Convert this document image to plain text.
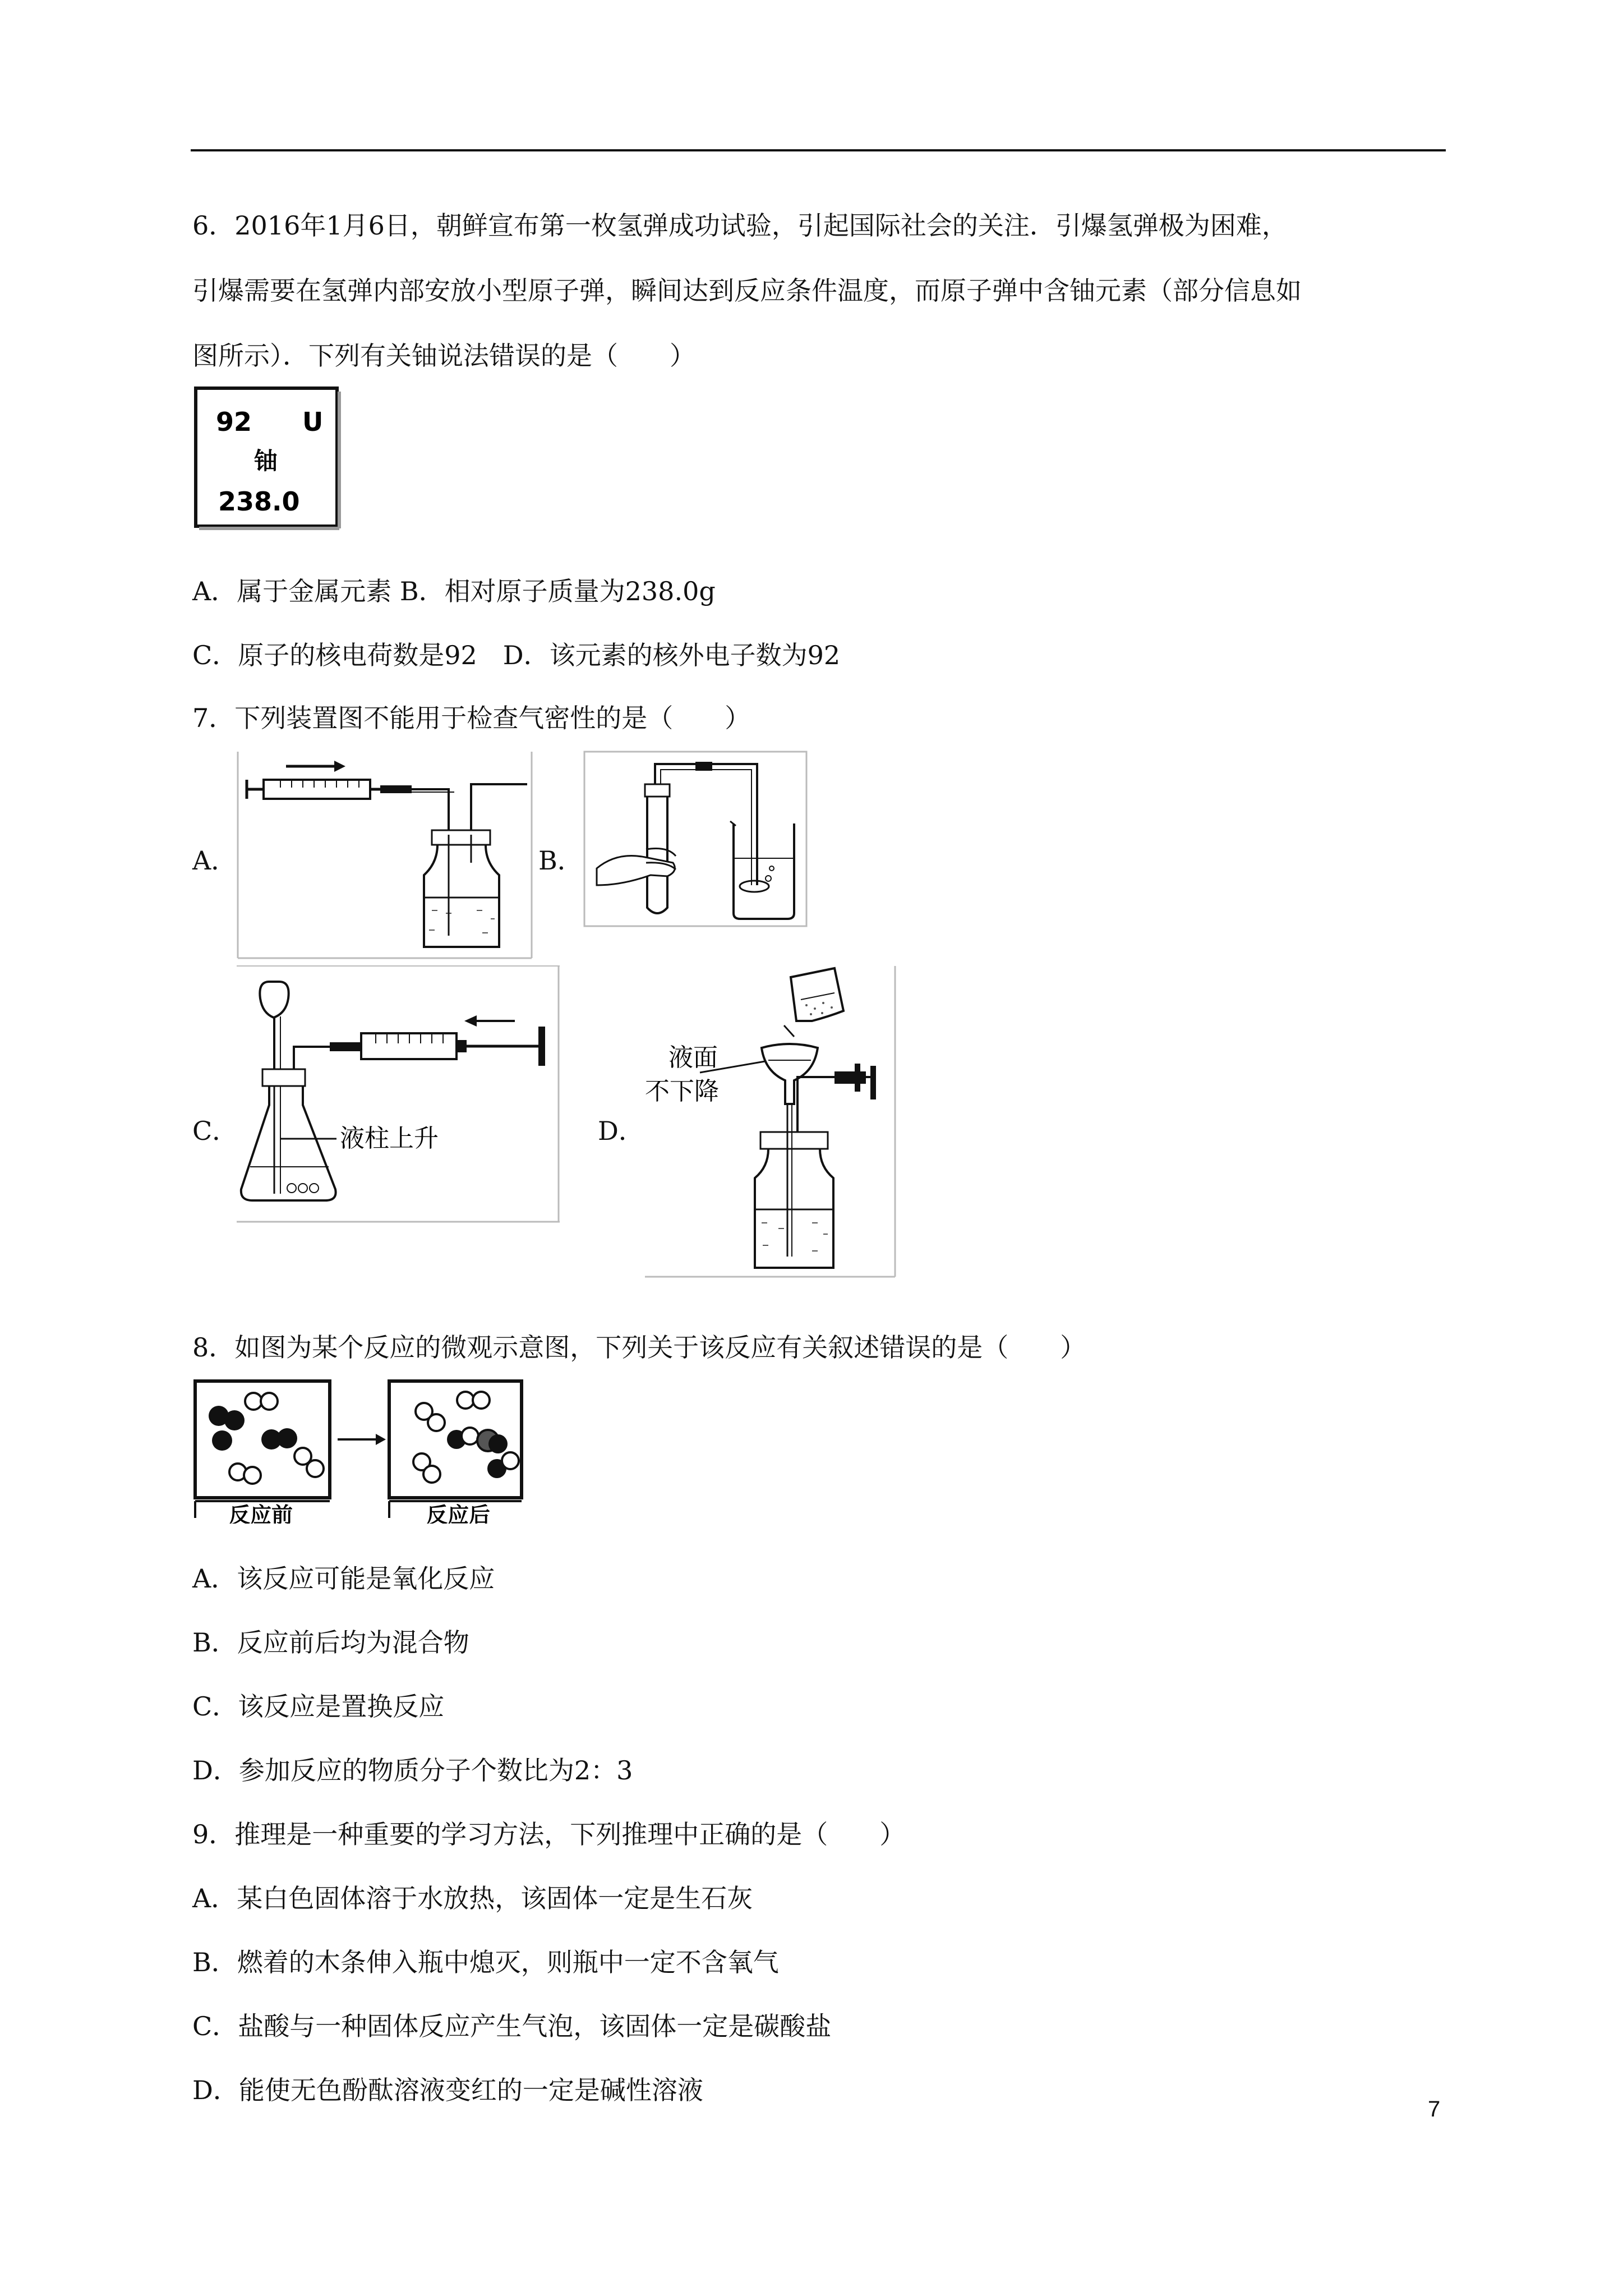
6．2016年1月6日，朝鲜宣布第一枚氢弹成功试验，引起国际社会的关注．引爆氢弹极为困难，
引爆需要在氢弹内部安放小型原子弹，瞬间达到反应条件温度，而原子弹中含铀元素（部分信息如
图所示）．下列有关铀说法错误的是（　　）
92 U
铀
238.0
A．属于金属元素 B．相对原子质量为238.0g
C．原子的核电荷数是92　D．该元素的核外电子数为92
7．下列装置图不能用于检查气密性的是（　　）
A．	B．
C．	液柱上升	D．
液面
不下降
8．如图为某个反应的微观示意图，下列关于该反应有关叙述错误的是（　　）
反应前	反应后
A．该反应可能是氧化反应
B．反应前后均为混合物
C．该反应是置换反应
D．参加反应的物质分子个数比为2：3
9．推理是一种重要的学习方法，下列推理中正确的是（　　）
A．某白色固体溶于水放热，该固体一定是生石灰
B．燃着的木条伸入瓶中熄灭，则瓶中一定不含氧气
C．盐酸与一种固体反应产生气泡，该固体一定是碳酸盐
D．能使无色酚酞溶液变红的一定是碱性溶液
7
